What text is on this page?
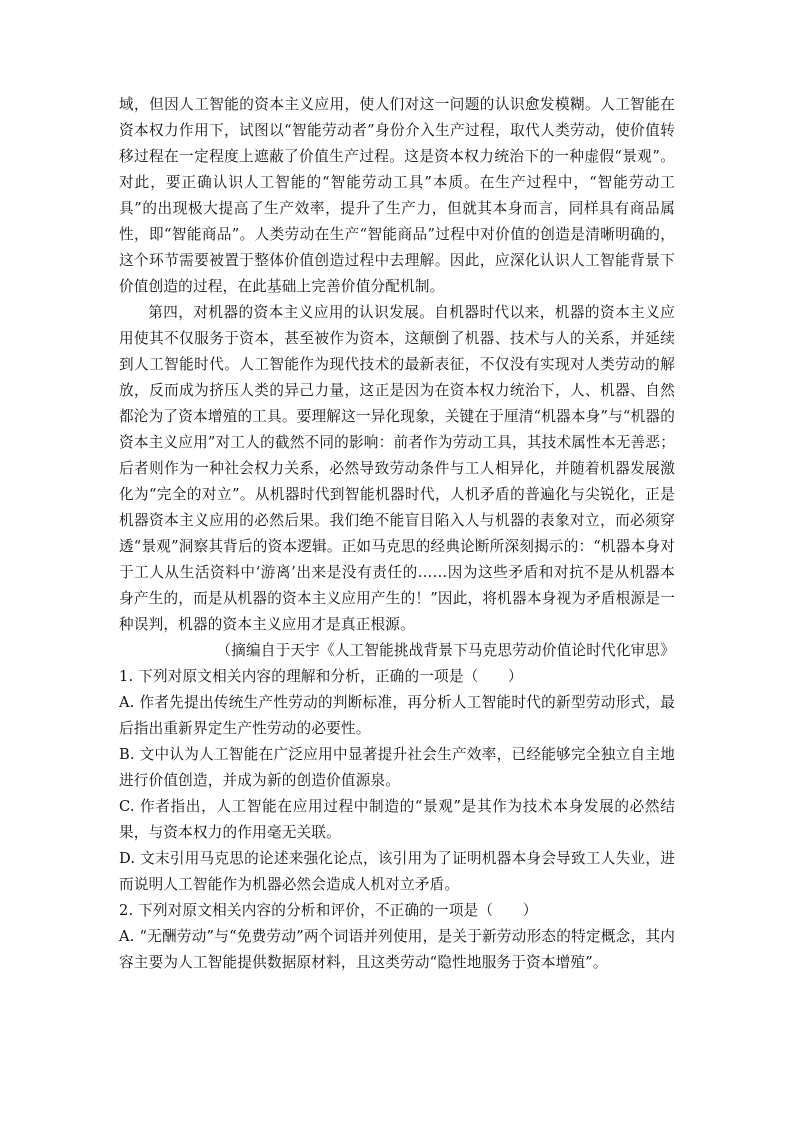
域，但因人工智能的资本主义应用，使人们对这一问题的认识愈发模糊。人工智能在资本权力作用下，试图以“智能劳动者”身份介入生产过程，取代人类劳动，使价值转移过程在一定程度上遮蔽了价值生产过程。这是资本权力统治下的一种虚假“景观”。对此，要正确认识人工智能的“智能劳动工具”本质。在生产过程中，“智能劳动工具”的出现极大提高了生产效率，提升了生产力，但就其本身而言，同样具有商品属性，即“智能商品”。人类劳动在生产“智能商品”过程中对价值的创造是清晰明确的，这个环节需要被置于整体价值创造过程中去理解。因此，应深化认识人工智能背景下价值创造的过程，在此基础上完善价值分配机制。

第四，对机器的资本主义应用的认识发展。自机器时代以来，机器的资本主义应用使其不仅服务于资本，甚至被作为资本，这颠倒了机器、技术与人的关系，并延续到人工智能时代。人工智能作为现代技术的最新表征，不仅没有实现对人类劳动的解放，反而成为挤压人类的异己力量，这正是因为在资本权力统治下，人、机器、自然都沦为了资本增殖的工具。要理解这一异化现象，关键在于厘清“机器本身”与“机器的资本主义应用”对工人的截然不同的影响：前者作为劳动工具，其技术属性本无善恶；后者则作为一种社会权力关系，必然导致劳动条件与工人相异化，并随着机器发展激化为“完全的对立”。从机器时代到智能机器时代，人机矛盾的普遍化与尖锐化，正是机器资本主义应用的必然后果。我们绝不能盲目陷入人与机器的表象对立，而必须穿透“景观”洞察其背后的资本逻辑。正如马克思的经典论断所深刻揭示的：“机器本身对于工人从生活资料中‘游离’出来是没有责任的……因为这些矛盾和对抗不是从机器本身产生的，而是从机器的资本主义应用产生的！”因此，将机器本身视为矛盾根源是一种误判，机器的资本主义应用才是真正根源。

（摘编自于天宇《人工智能挑战背景下马克思劳动价值论时代化审思》

1. 下列对原文相关内容的理解和分析，正确的一项是（　　）

A. 作者先提出传统生产性劳动的判断标准，再分析人工智能时代的新型劳动形式，最后指出重新界定生产性劳动的必要性。

B. 文中认为人工智能在广泛应用中显著提升社会生产效率，已经能够完全独立自主地进行价值创造，并成为新的创造价值源泉。

C. 作者指出，人工智能在应用过程中制造的“景观”是其作为技术本身发展的必然结果，与资本权力的作用毫无关联。

D. 文末引用马克思的论述来强化论点，该引用为了证明机器本身会导致工人失业，进而说明人工智能作为机器必然会造成人机对立矛盾。

2. 下列对原文相关内容的分析和评价，不正确的一项是（　　）

A. “无酬劳动”与“免费劳动”两个词语并列使用，是关于新劳动形态的特定概念，其内容主要为人工智能提供数据原材料，且这类劳动“隐性地服务于资本增殖”。
